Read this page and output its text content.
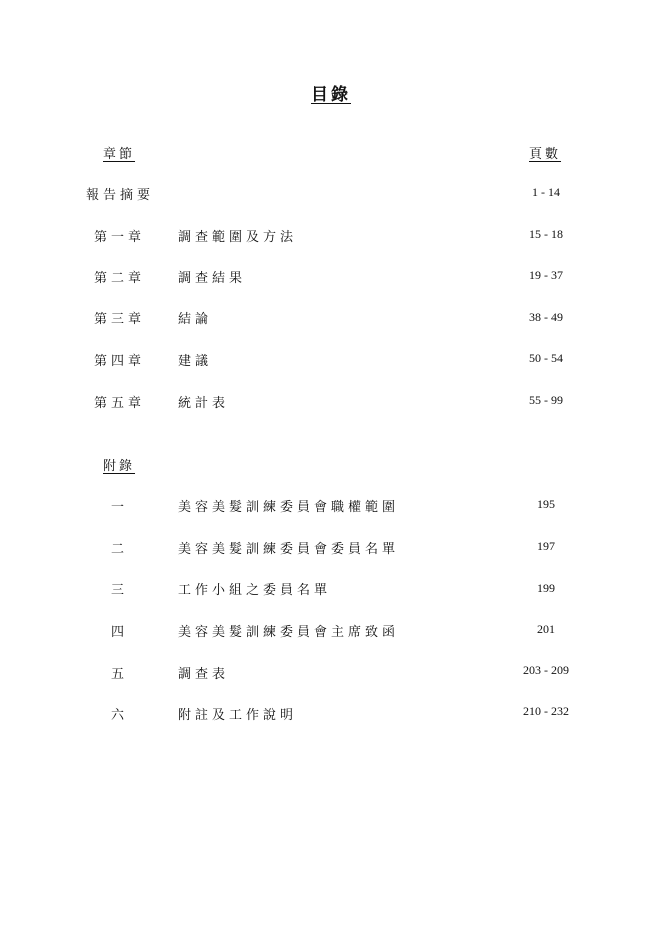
目錄
章節	頁數
報告摘要	1 - 14
第一章	調查範圍及方法	15 - 18
第二章	調查結果	19 - 37
第三章	結論	38 - 49
第四章	建議	50 - 54
第五章	統計表	55 - 99
附錄
一	美容美髮訓練委員會職權範圍	195
二	美容美髮訓練委員會委員名單	197
三	工作小組之委員名單	199
四	美容美髮訓練委員會主席致函	201
五	調查表	203 - 209
六	附註及工作說明	210 - 232
